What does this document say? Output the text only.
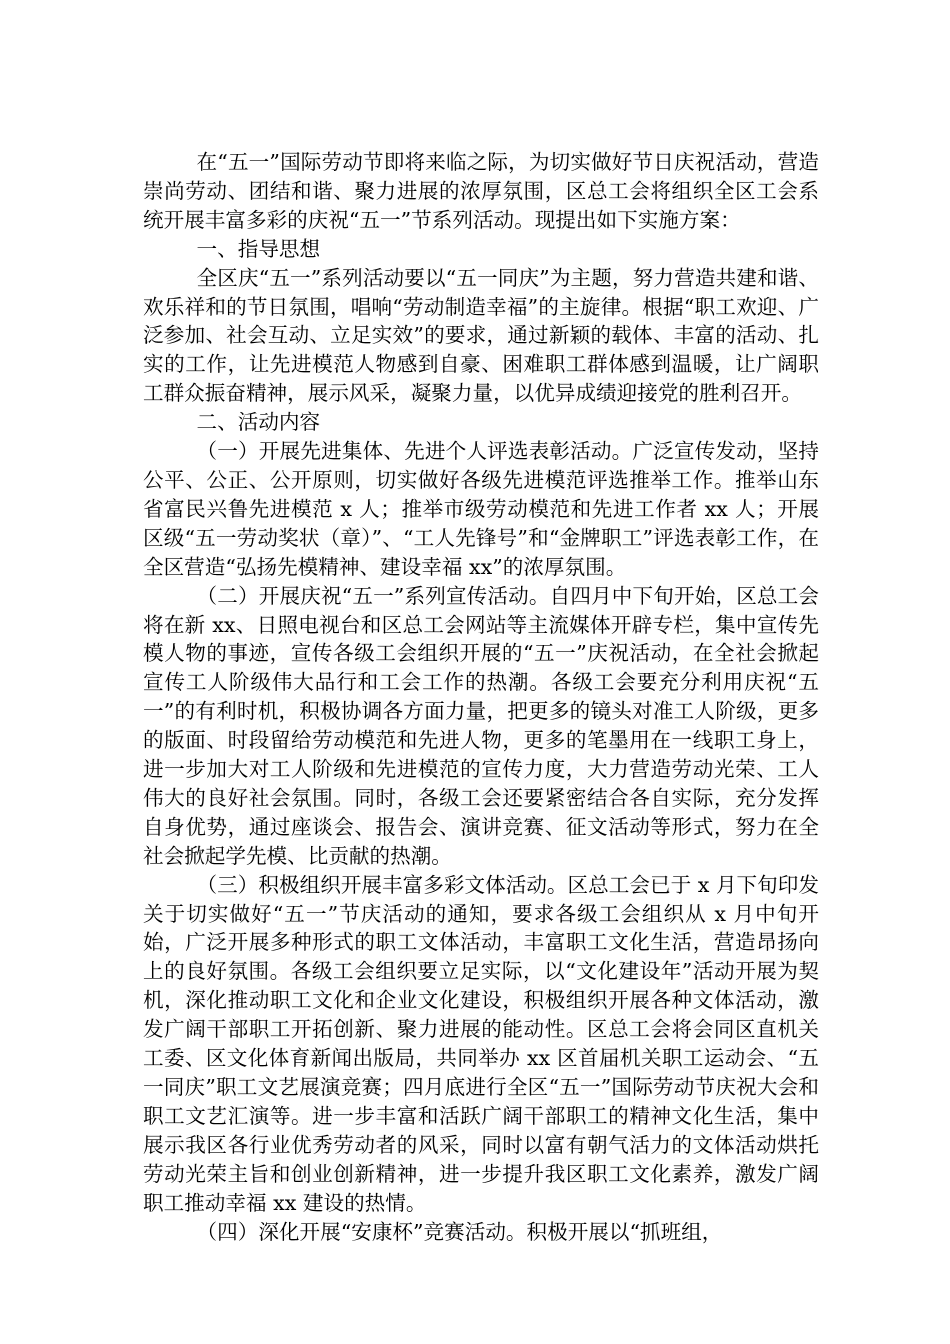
在“五一”国际劳动节即将来临之际，为切实做好节日庆祝活动，营造崇尚劳动、团结和谐、聚力进展的浓厚氛围，区总工会将组织全区工会系统开展丰富多彩的庆祝“五一”节系列活动。现提出如下实施方案：

一、指导思想

全区庆“五一”系列活动要以“五一同庆”为主题，努力营造共建和谐、欢乐祥和的节日氛围，唱响“劳动制造幸福”的主旋律。根据“职工欢迎、广泛参加、社会互动、立足实效”的要求，通过新颖的载体、丰富的活动、扎实的工作，让先进模范人物感到自豪、困难职工群体感到温暖，让广阔职工群众振奋精神，展示风采，凝聚力量，以优异成绩迎接党的胜利召开。

二、活动内容

（一）开展先进集体、先进个人评选表彰活动。广泛宣传发动，坚持公平、公正、公开原则，切实做好各级先进模范评选推举工作。推举山东省富民兴鲁先进模范 x 人；推举市级劳动模范和先进工作者 xx 人；开展区级“五一劳动奖状（章）”、“工人先锋号”和“金牌职工”评选表彰工作，在全区营造“弘扬先模精神、建设幸福 xx”的浓厚氛围。

（二）开展庆祝“五一”系列宣传活动。自四月中下旬开始，区总工会将在新 xx、日照电视台和区总工会网站等主流媒体开辟专栏，集中宣传先模人物的事迹，宣传各级工会组织开展的“五一”庆祝活动，在全社会掀起宣传工人阶级伟大品行和工会工作的热潮。各级工会要充分利用庆祝“五一”的有利时机，积极协调各方面力量，把更多的镜头对准工人阶级，更多的版面、时段留给劳动模范和先进人物，更多的笔墨用在一线职工身上，进一步加大对工人阶级和先进模范的宣传力度，大力营造劳动光荣、工人伟大的良好社会氛围。同时，各级工会还要紧密结合各自实际，充分发挥自身优势，通过座谈会、报告会、演讲竞赛、征文活动等形式，努力在全社会掀起学先模、比贡献的热潮。

（三）积极组织开展丰富多彩文体活动。区总工会已于 x 月下旬印发关于切实做好“五一”节庆活动的通知，要求各级工会组织从 x 月中旬开始，广泛开展多种形式的职工文体活动，丰富职工文化生活，营造昂扬向上的良好氛围。各级工会组织要立足实际，以“文化建设年”活动开展为契机，深化推动职工文化和企业文化建设，积极组织开展各种文体活动，激发广阔干部职工开拓创新、聚力进展的能动性。区总工会将会同区直机关工委、区文化体育新闻出版局，共同举办 xx 区首届机关职工运动会、“五一同庆”职工文艺展演竞赛；四月底进行全区“五一”国际劳动节庆祝大会和职工文艺汇演等。进一步丰富和活跃广阔干部职工的精神文化生活，集中展示我区各行业优秀劳动者的风采，同时以富有朝气活力的文体活动烘托劳动光荣主旨和创业创新精神，进一步提升我区职工文化素养，激发广阔职工推动幸福 xx 建设的热情。

（四）深化开展“安康杯”竞赛活动。积极开展以“抓班组，
